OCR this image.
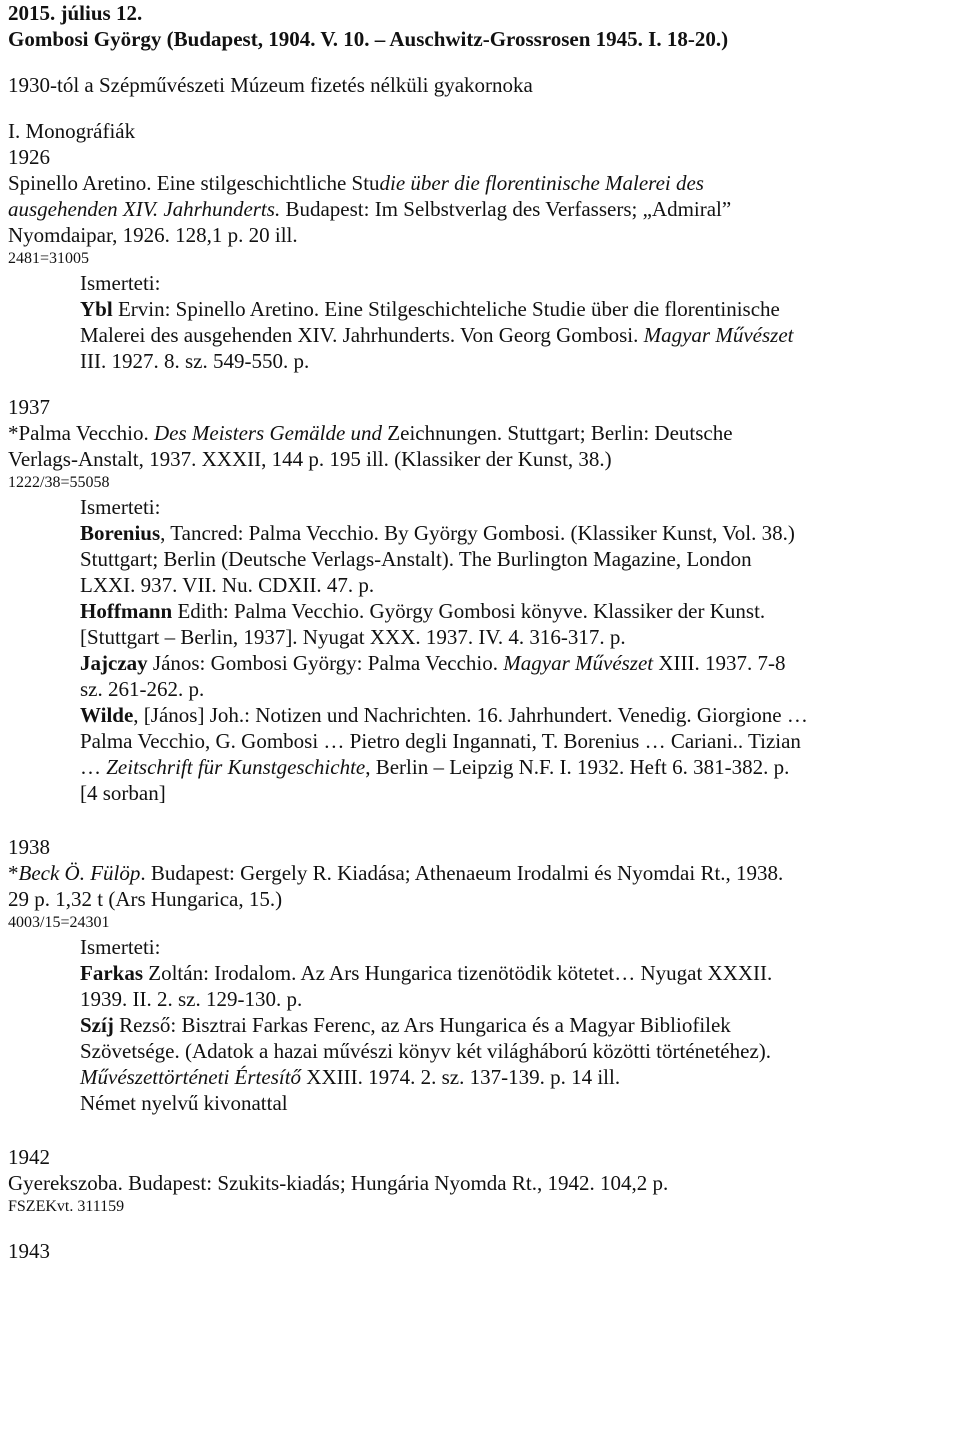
2015. július 12.
Gombosi György (Budapest, 1904. V. 10. – Auschwitz-Grossrosen 1945. I. 18-20.)
1930-tól a Szépművészeti Múzeum fizetés nélküli gyakornoka
I. Monográfiák
1926
Spinello Aretino. Eine stilgeschichtliche Studie über die florentinische Malerei des
ausgehenden XIV. Jahrhunderts. Budapest: Im Selbstverlag des Verfassers; „Admiral”
Nyomdaipar, 1926. 128,1 p. 20 ill.
2481=31005
Ismerteti:
Ybl Ervin: Spinello Aretino. Eine Stilgeschichteliche Studie über die florentinische
Malerei des ausgehenden XIV. Jahrhunderts. Von Georg Gombosi. Magyar Művészet
III. 1927. 8. sz. 549-550. p.
1937
*Palma Vecchio. Des Meisters Gemälde und Zeichnungen. Stuttgart; Berlin: Deutsche
Verlags-Anstalt, 1937. XXXII, 144 p. 195 ill. (Klassiker der Kunst, 38.)
1222/38=55058
Ismerteti:
Borenius, Tancred: Palma Vecchio. By György Gombosi. (Klassiker Kunst, Vol. 38.)
Stuttgart; Berlin (Deutsche Verlags-Anstalt). The Burlington Magazine, London
LXXI. 937. VII. Nu. CDXII. 47. p.
Hoffmann Edith: Palma Vecchio. György Gombosi könyve. Klassiker der Kunst.
[Stuttgart – Berlin, 1937]. Nyugat XXX. 1937. IV. 4. 316-317. p.
Jajczay János: Gombosi György: Palma Vecchio. Magyar Művészet XIII. 1937. 7-8
sz. 261-262. p.
Wilde, [János] Joh.: Notizen und Nachrichten. 16. Jahrhundert. Venedig. Giorgione …
Palma Vecchio, G. Gombosi … Pietro degli Ingannati, T. Borenius … Cariani.. Tizian
… Zeitschrift für Kunstgeschichte, Berlin – Leipzig N.F. I. 1932. Heft 6. 381-382. p.
[4 sorban]
1938
*Beck Ö. Fülöp. Budapest: Gergely R. Kiadása; Athenaeum Irodalmi és Nyomdai Rt., 1938.
29 p. 1,32 t (Ars Hungarica, 15.)
4003/15=24301
Ismerteti:
Farkas Zoltán: Irodalom. Az Ars Hungarica tizenötödik kötetet… Nyugat XXXII.
1939. II. 2. sz. 129-130. p.
Szíj Rezső: Bisztrai Farkas Ferenc, az Ars Hungarica és a Magyar Bibliofilek
Szövetsége. (Adatok a hazai művészi könyv két világháború közötti történetéhez).
Művészettörténeti Értesítő XXIII. 1974. 2. sz. 137-139. p. 14 ill.
Német nyelvű kivonattal
1942
Gyerekszoba. Budapest: Szukits-kiadás; Hungária Nyomda Rt., 1942. 104,2 p.
FSZEKvt. 311159
1943
